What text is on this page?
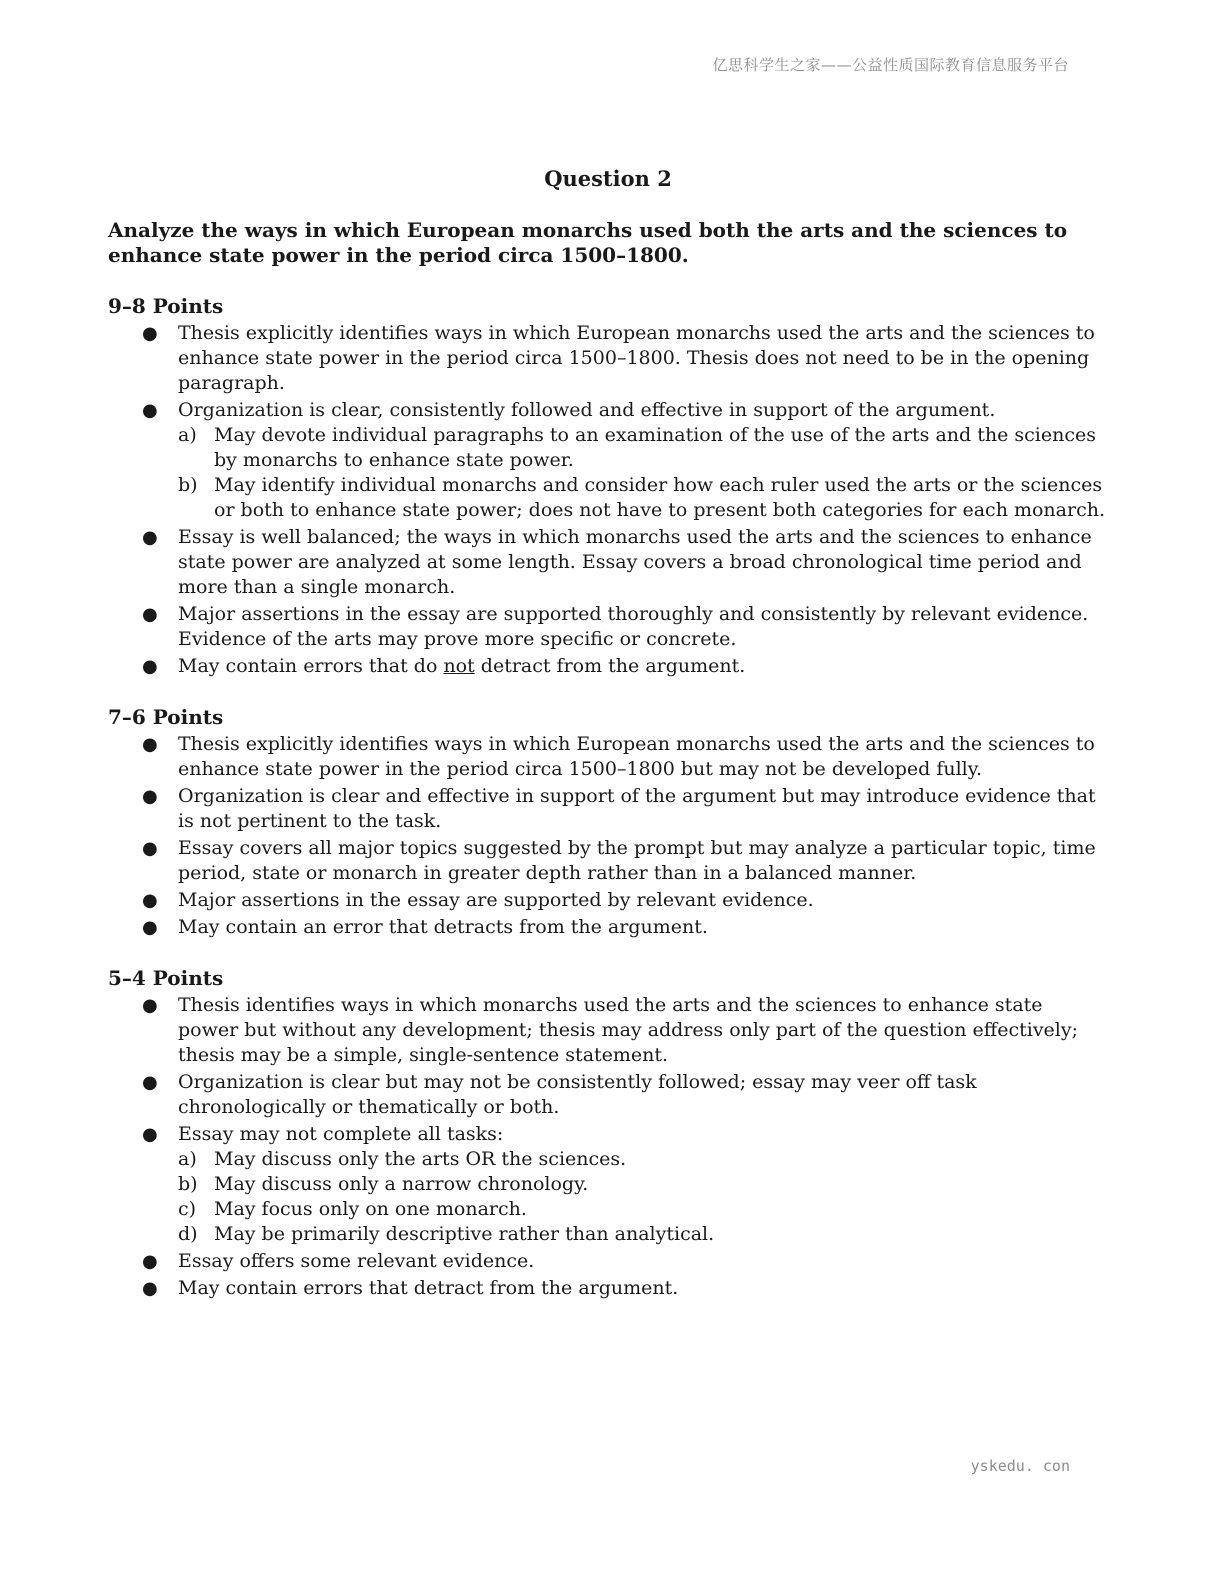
亿思科学生之家——公益性质国际教育信息服务平台
Question 2

Analyze the ways in which European monarchs used both the arts and the sciences to enhance state power in the period circa 1500–1800.

9–8 Points
● Thesis explicitly identifies ways in which European monarchs used the arts and the sciences to enhance state power in the period circa 1500–1800. Thesis does not need to be in the opening paragraph.
● Organization is clear, consistently followed and effective in support of the argument.
a) May devote individual paragraphs to an examination of the use of the arts and the sciences by monarchs to enhance state power.
b) May identify individual monarchs and consider how each ruler used the arts or the sciences or both to enhance state power; does not have to present both categories for each monarch.
● Essay is well balanced; the ways in which monarchs used the arts and the sciences to enhance state power are analyzed at some length. Essay covers a broad chronological time period and more than a single monarch.
● Major assertions in the essay are supported thoroughly and consistently by relevant evidence. Evidence of the arts may prove more specific or concrete.
● May contain errors that do not detract from the argument.
7–6 Points
● Thesis explicitly identifies ways in which European monarchs used the arts and the sciences to enhance state power in the period circa 1500–1800 but may not be developed fully.
● Organization is clear and effective in support of the argument but may introduce evidence that is not pertinent to the task.
● Essay covers all major topics suggested by the prompt but may analyze a particular topic, time period, state or monarch in greater depth rather than in a balanced manner.
● Major assertions in the essay are supported by relevant evidence.
● May contain an error that detracts from the argument.
5–4 Points
● Thesis identifies ways in which monarchs used the arts and the sciences to enhance state power but without any development; thesis may address only part of the question effectively; thesis may be a simple, single-sentence statement.
● Organization is clear but may not be consistently followed; essay may veer off task chronologically or thematically or both.
● Essay may not complete all tasks:
a) May discuss only the arts OR the sciences.
b) May discuss only a narrow chronology.
c) May focus only on one monarch.
d) May be primarily descriptive rather than analytical.
● Essay offers some relevant evidence.
● May contain errors that detract from the argument.
yskedu. con
